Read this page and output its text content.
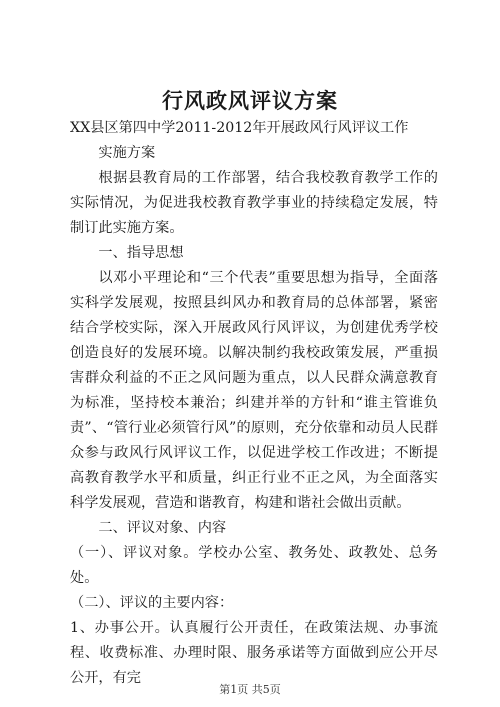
行风政风评议方案

XX县区第四中学2011-2012年开展政风行风评议工作

实施方案

根据县教育局的工作部署，结合我校教育教学工作的实际情况，为促进我校教育教学事业的持续稳定发展，特制订此实施方案。

一、指导思想

以邓小平理论和“三个代表”重要思想为指导，全面落实科学发展观，按照县纠风办和教育局的总体部署，紧密结合学校实际，深入开展政风行风评议，为创建优秀学校创造良好的发展环境。以解决制约我校政策发展，严重损害群众利益的不正之风问题为重点，以人民群众满意教育为标准，坚持校本兼治；纠建并举的方针和“谁主管谁负责”、“管行业必须管行风”的原则，充分依靠和动员人民群众参与政风行风评议工作，以促进学校工作改进；不断提高教育教学水平和质量，纠正行业不正之风，为全面落实科学发展观，营造和谐教育，构建和谐社会做出贡献。

二、评议对象、内容

（一）、评议对象。学校办公室、教务处、政教处、总务处。

（二）、评议的主要内容：

1、办事公开。认真履行公开责任，在政策法规、办事流程、收费标准、办理时限、服务承诺等方面做到应公开尽公开，有完

第1页 共5页
